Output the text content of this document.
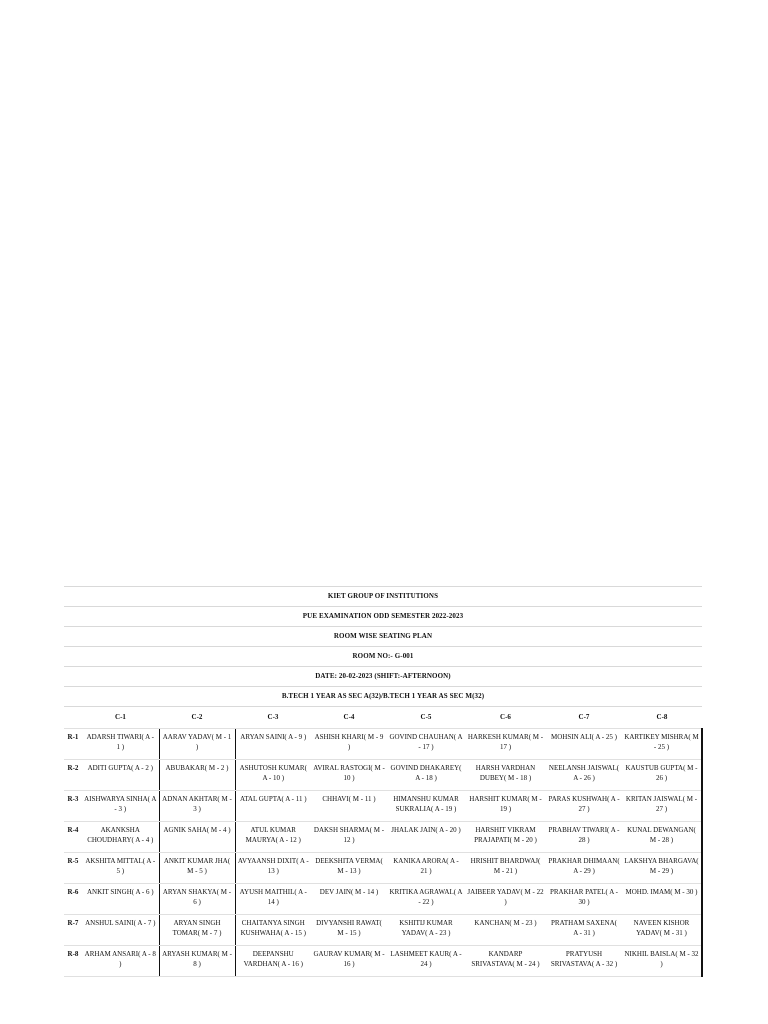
KIET GROUP OF INSTITUTIONS
PUE EXAMINATION ODD SEMESTER 2022-2023
ROOM WISE SEATING PLAN
ROOM NO:- G-001
DATE: 20-02-2023 (SHIFT:-AFTERNOON)
B.TECH 1 YEAR AS SEC A(32)/B.TECH 1 YEAR AS SEC M(32)
	C-1	C-2	C-3	C-4	C-5	C-6	C-7	C-8
R-1	ADARSH TIWARI( A - 1 )	AARAV YADAV( M - 1 )	ARYAN SAINI( A - 9 )	ASHISH KHARI( M - 9 )	GOVIND CHAUHAN( A - 17 )	HARKESH KUMAR( M - 17 )	MOHSIN ALI( A - 25 )	KARTIKEY MISHRA( M - 25 )
R-2	ADITI GUPTA( A - 2 )	ABUBAKAR( M - 2 )	ASHUTOSH KUMAR( A - 10 )	AVIRAL RASTOGI( M - 10 )	GOVIND DHAKAREY( A - 18 )	HARSH VARDHAN DUBEY( M - 18 )	NEELANSH JAISWAL( A - 26 )	KAUSTUB GUPTA( M - 26 )
R-3	AISHWARYA SINHA( A - 3 )	ADNAN AKHTAR( M - 3 )	ATAL GUPTA( A - 11 )	CHHAVI( M - 11 )	HIMANSHU KUMAR SUKRALIA( A - 19 )	HARSHIT KUMAR( M - 19 )	PARAS KUSHWAH( A - 27 )	KRITAN JAISWAL( M - 27 )
R-4	AKANKSHA CHOUDHARY( A - 4 )	AGNIK SAHA( M - 4 )	ATUL KUMAR MAURYA( A - 12 )	DAKSH SHARMA( M - 12 )	JHALAK JAIN( A - 20 )	HARSHIT VIKRAM PRAJAPATI( M - 20 )	PRABHAV TIWARI( A - 28 )	KUNAL DEWANGAN( M - 28 )
R-5	AKSHITA MITTAL( A - 5 )	ANKIT KUMAR JHA( M - 5 )	AVYAANSH DIXIT( A - 13 )	DEEKSHITA VERMA( M - 13 )	KANIKA ARORA( A - 21 )	HRISHIT BHARDWAJ( M - 21 )	PRAKHAR DHIMAAN( A - 29 )	LAKSHYA BHARGAVA( M - 29 )
R-6	ANKIT SINGH( A - 6 )	ARYAN SHAKYA( M - 6 )	AYUSH MAITHIL( A - 14 )	DEV JAIN( M - 14 )	KRITIKA AGRAWAL( A - 22 )	JAIBEER YADAV( M - 22 )	PRAKHAR PATEL( A - 30 )	MOHD. IMAM( M - 30 )
R-7	ANSHUL SAINI( A - 7 )	ARYAN SINGH TOMAR( M - 7 )	CHAITANYA SINGH KUSHWAHA( A - 15 )	DIVYANSHI RAWAT( M - 15 )	KSHITIJ KUMAR YADAV( A - 23 )	KANCHAN( M - 23 )	PRATHAM SAXENA( A - 31 )	NAVEEN KISHOR YADAV( M - 31 )
R-8	ARHAM ANSARI( A - 8 )	ARYASH KUMAR( M - 8 )	DEEPANSHU VARDHAN( A - 16 )	GAURAV KUMAR( M - 16 )	LASHMEET KAUR( A - 24 )	KANDARP SRIVASTAVA( M - 24 )	PRATYUSH SRIVASTAVA( A - 32 )	NIKHIL BAISLA( M - 32 )
